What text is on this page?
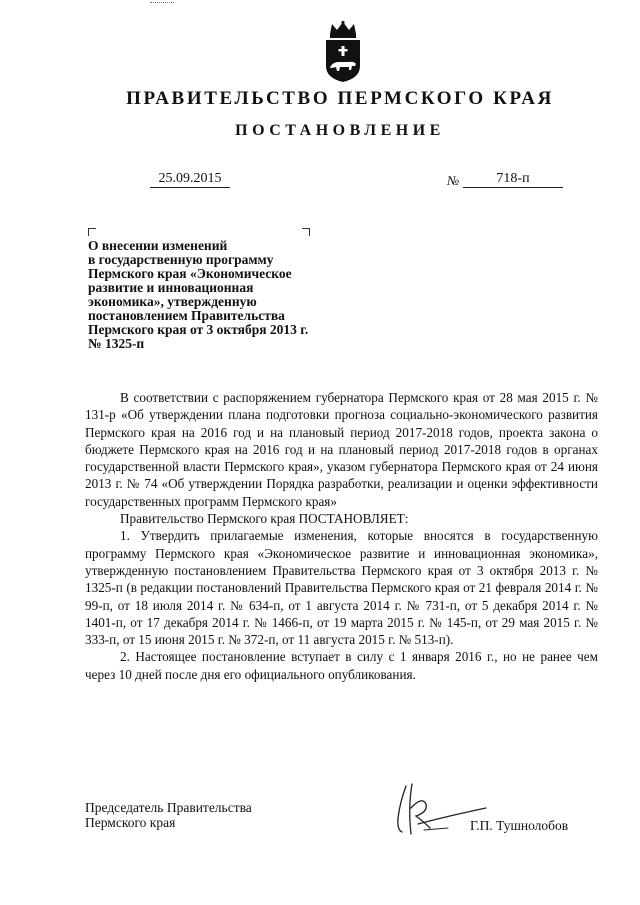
ПРАВИТЕЛЬСТВО ПЕРМСКОГО КРАЯ
ПОСТАНОВЛЕНИЕ
25.09.2015	№	718-п
О внесении изменений
в государственную программу
Пермского края «Экономическое
развитие и инновационная
экономика», утвержденную
постановлением Правительства
Пермского края от 3 октября 2013 г.
№ 1325-п

В соответствии с распоряжением губернатора Пермского края от 28 мая 2015 г. № 131-р «Об утверждении плана подготовки прогноза социально-экономического развития Пермского края на 2016 год и на плановый период 2017-2018 годов, проекта закона о бюджете Пермского края на 2016 год и на плановый период 2017-2018 годов в органах государственной власти Пермского края», указом губернатора Пермского края от 24 июня 2013 г. № 74 «Об утверждении Порядка разработки, реализации и оценки эффективности государственных программ Пермского края»

Правительство Пермского края ПОСТАНОВЛЯЕТ:

1. Утвердить прилагаемые изменения, которые вносятся в государственную программу Пермского края «Экономическое развитие и инновационная экономика», утвержденную постановлением Правительства Пермского края от 3 октября 2013 г. № 1325-п (в редакции постановлений Правительства Пермского края от 21 февраля 2014 г. № 99-п, от 18 июля 2014 г. № 634-п, от 1 августа 2014 г. № 731-п, от 5 декабря 2014 г. № 1401-п, от 17 декабря 2014 г. № 1466-п, от 19 марта 2015 г. № 145-п, от 29 мая 2015 г. № 333-п, от 15 июня 2015 г. № 372-п, от 11 августа 2015 г. № 513-п).

2. Настоящее постановление вступает в силу с 1 января 2016 г., но не ранее чем через 10 дней после дня его официального опубликования.

Председатель Правительства
Пермского края	Г.П. Тушнолобов
